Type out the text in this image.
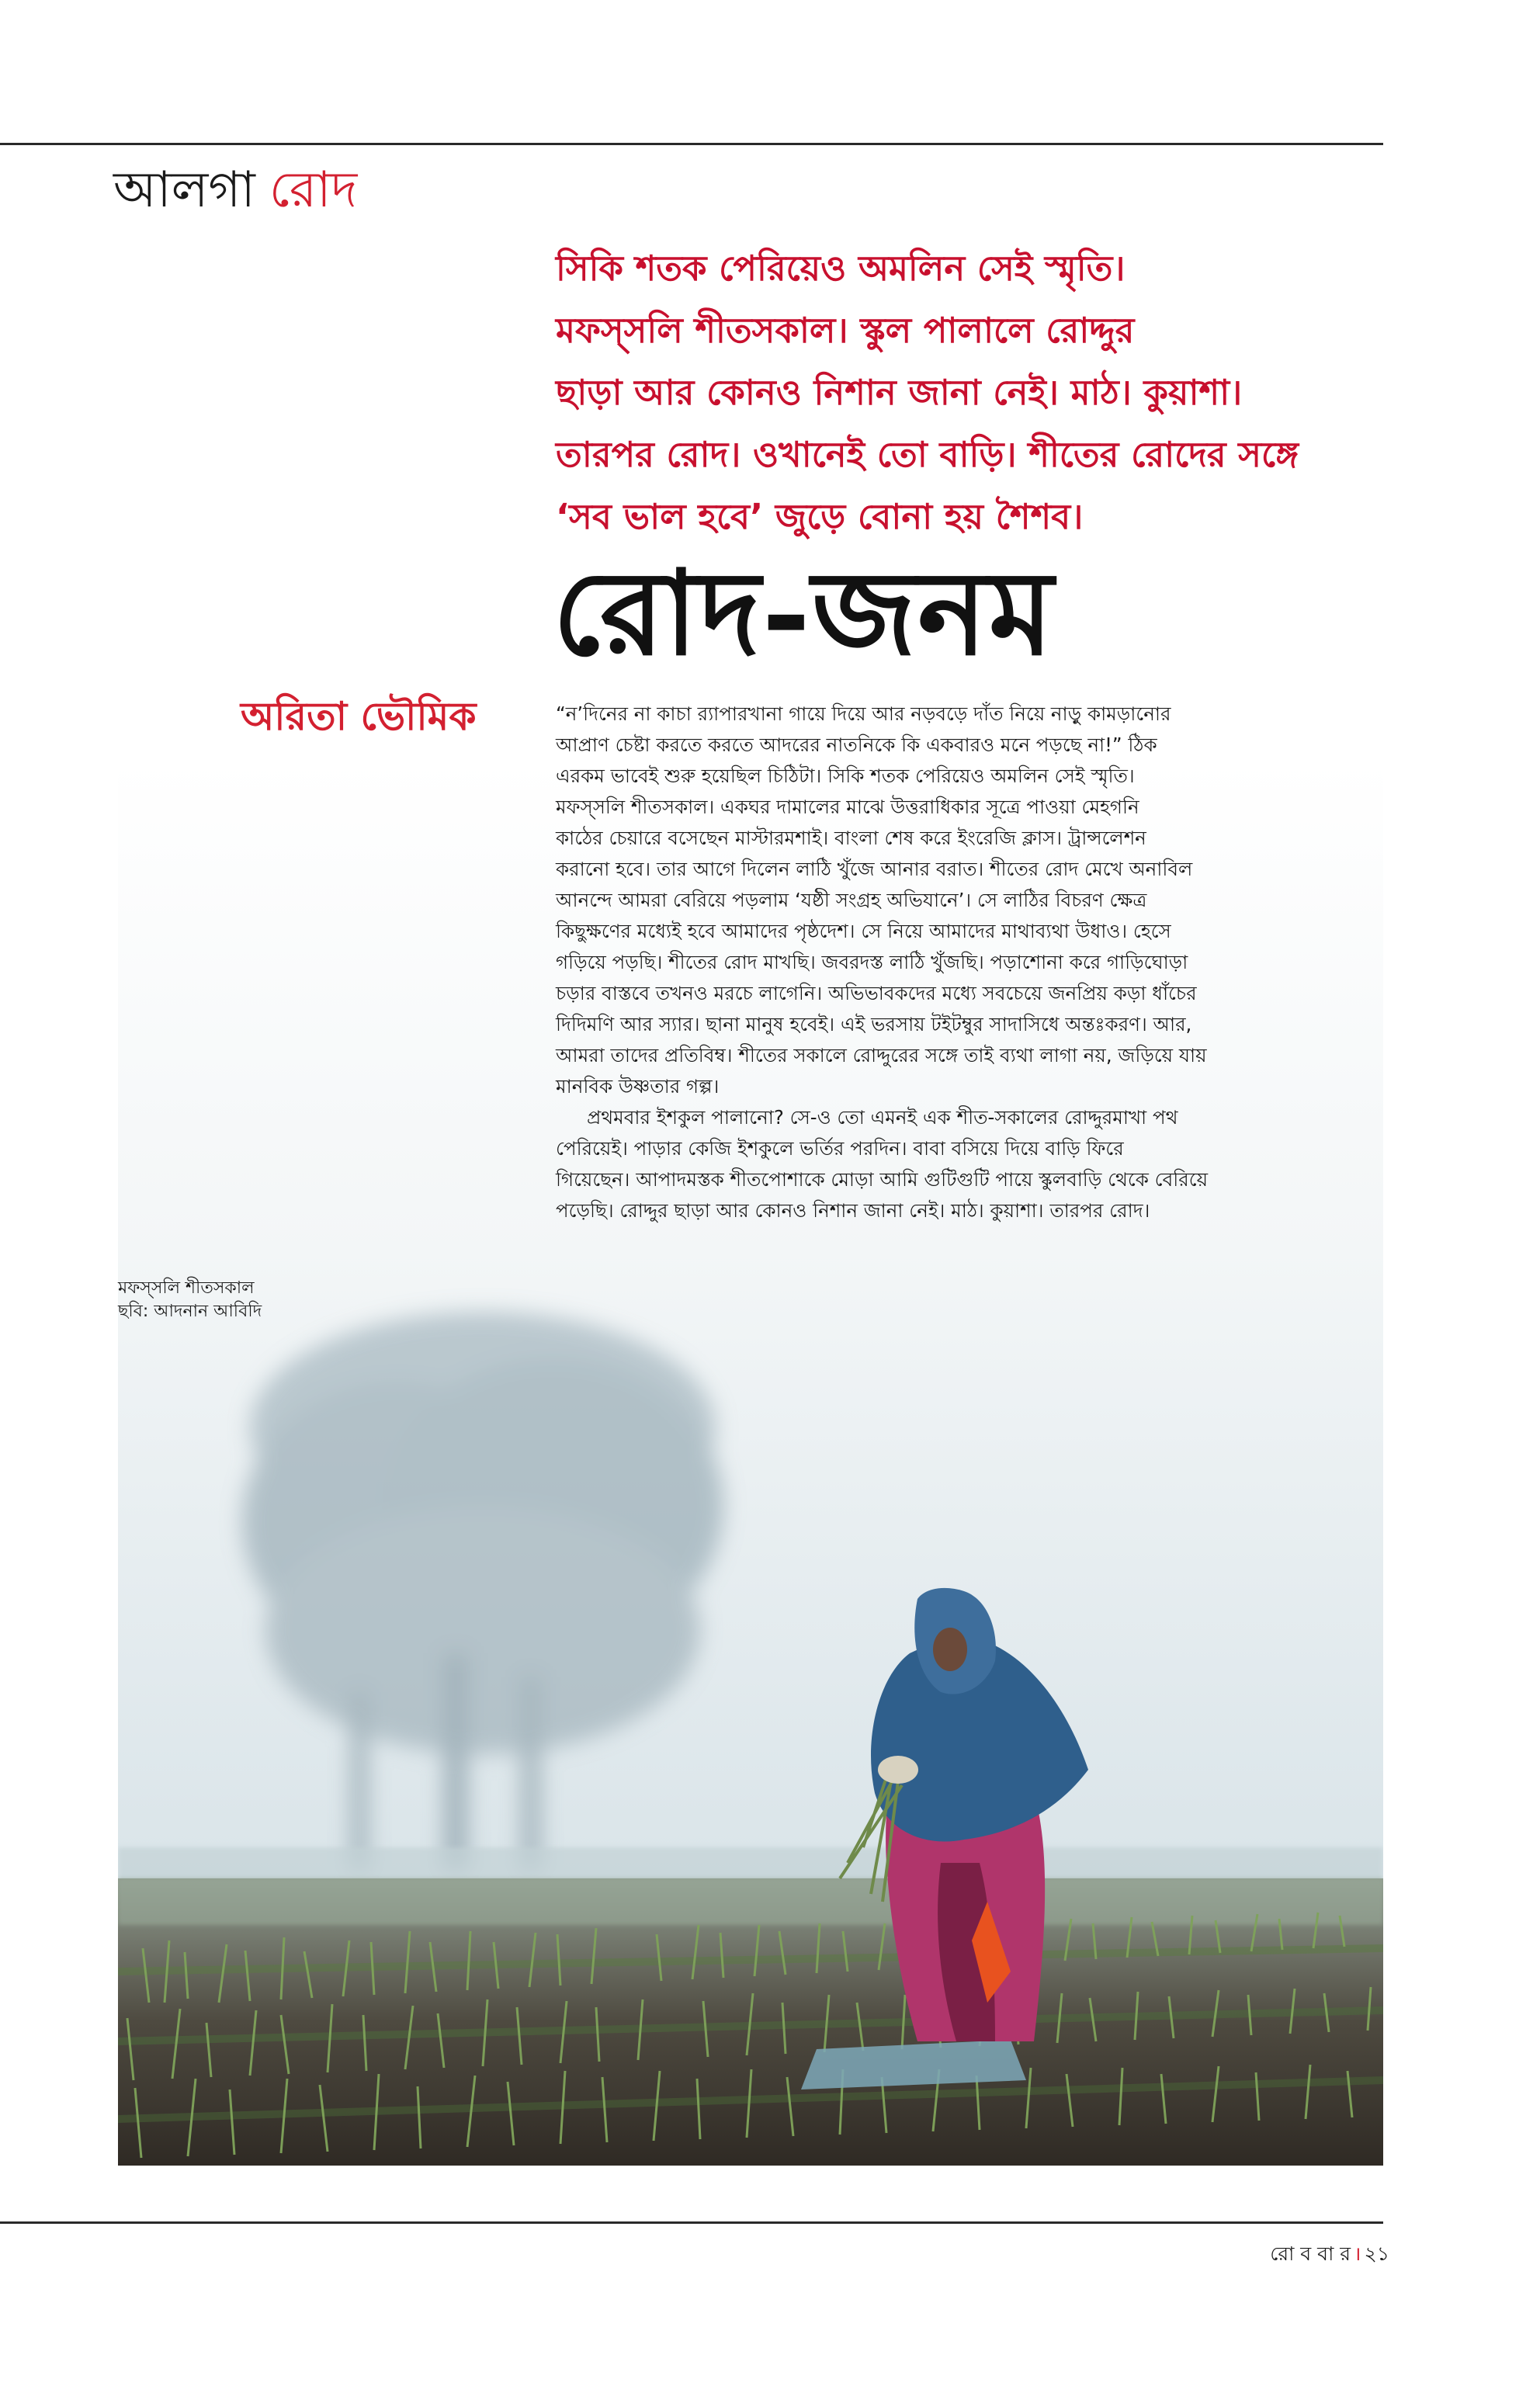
আলগা রোদ
সিকি শতক পেরিয়েও অমলিন সেই স্মৃতি।
মফস্‌সলি শীতসকাল। স্কুল পালালে রোদ্দুর
ছাড়া আর কোনও নিশান জানা নেই। মাঠ। কুয়াশা।
তারপর রোদ। ওখানেই তো বাড়ি। শীতের রোদের সঙ্গে
‘সব ভাল হবে’ জুড়ে বোনা হয় শৈশব।
রোদ-জনম
অরিতা ভৌমিক	“ন’দিনের না কাচা র‍্যাপারখানা গায়ে দিয়ে আর নড়বড়ে দাঁত নিয়ে নাড়ু কামড়ানোর
আপ্রাণ চেষ্টা করতে করতে আদরের নাতনিকে কি একবারও মনে পড়ছে না!” ঠিক
এরকম ভাবেই শুরু হয়েছিল চিঠিটা। সিকি শতক পেরিয়েও অমলিন সেই স্মৃতি।
মফস্‌সলি শীতসকাল। একঘর দামালের মাঝে উত্তরাধিকার সূত্রে পাওয়া মেহগনি
কাঠের চেয়ারে বসেছেন মাস্টারমশাই। বাংলা শেষ করে ইংরেজি ক্লাস। ট্রান্সলেশন
করানো হবে। তার আগে দিলেন লাঠি খুঁজে আনার বরাত। শীতের রোদ মেখে অনাবিল
আনন্দে আমরা বেরিয়ে পড়লাম ‘যষ্ঠী সংগ্রহ অভিযানে’। সে লাঠির বিচরণ ক্ষেত্র
কিছুক্ষণের মধ্যেই হবে আমাদের পৃষ্ঠদেশ। সে নিয়ে আমাদের মাথাব্যথা উধাও। হেসে
গড়িয়ে পড়ছি। শীতের রোদ মাখছি। জবরদস্ত লাঠি খুঁজছি। পড়াশোনা করে গাড়িঘোড়া
চড়ার বাস্তবে তখনও মরচে লাগেনি। অভিভাবকদের মধ্যে সবচেয়ে জনপ্রিয় কড়া ধাঁচের
দিদিমণি আর স্যার। ছানা মানুষ হবেই। এই ভরসায় টইটম্বুর সাদাসিধে অন্তঃকরণ। আর,
আমরা তাদের প্রতিবিম্ব। শীতের সকালে রোদ্দুরের সঙ্গে তাই ব্যথা লাগা নয়, জড়িয়ে যায়
মানবিক উষ্ণতার গল্প।
প্রথমবার ইশকুল পালানো? সে-ও তো এমনই এক শীত-সকালের রোদ্দুরমাখা পথ
পেরিয়েই। পাড়ার কেজি ইশকুলে ভর্তির পরদিন। বাবা বসিয়ে দিয়ে বাড়ি ফিরে
গিয়েছেন। আপাদমস্তক শীতপোশাকে মোড়া আমি গুটিগুটি পায়ে স্কুলবাড়ি থেকে বেরিয়ে
পড়েছি। রোদ্দুর ছাড়া আর কোনও নিশান জানা নেই। মাঠ। কুয়াশা। তারপর রোদ।
মফস্‌সলি শীতসকাল
ছবি: আদনান আবিদি
রো ব বা র । ২১
